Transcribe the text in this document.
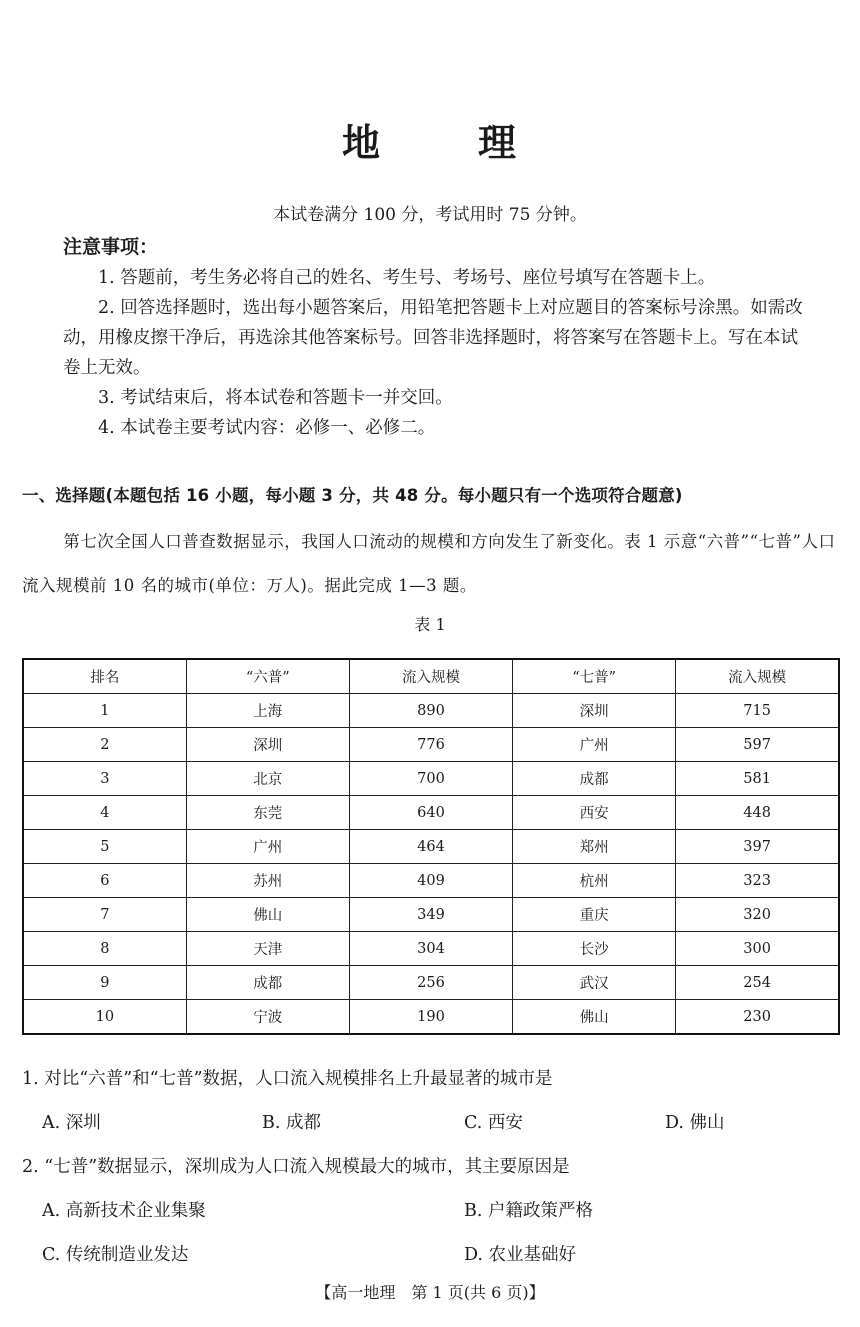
地	理
本试卷满分 100 分，考试用时 75 分钟。
注意事项：

1. 答题前，考生务必将自己的姓名、考生号、考场号、座位号填写在答题卡上。

2. 回答选择题时，选出每小题答案后，用铅笔把答题卡上对应题目的答案标号涂黑。如需改动，用橡皮擦干净后，再选涂其他答案标号。回答非选择题时，将答案写在答题卡上。写在本试卷上无效。

3. 考试结束后，将本试卷和答题卡一并交回。

4. 本试卷主要考试内容：必修一、必修二。

一、选择题(本题包括 16 小题，每小题 3 分，共 48 分。每小题只有一个选项符合题意)

第七次全国人口普查数据显示，我国人口流动的规模和方向发生了新变化。表 1 示意“六普”“七普”人口流入规模前 10 名的城市(单位：万人)。据此完成 1—3 题。

表 1
排名	“六普”	流入规模	“七普”	流入规模
1	上海	890	深圳	715
2	深圳	776	广州	597
3	北京	700	成都	581
4	东莞	640	西安	448
5	广州	464	郑州	397
6	苏州	409	杭州	323
7	佛山	349	重庆	320
8	天津	304	长沙	300
9	成都	256	武汉	254
10	宁波	190	佛山	230
1. 对比“六普”和“七普”数据，人口流入规模排名上升最显著的城市是
A. 深圳	B. 成都	C. 西安	D. 佛山
2. “七普”数据显示，深圳成为人口流入规模最大的城市，其主要原因是
A. 高新技术企业集聚	B. 户籍政策严格
C. 传统制造业发达	D. 农业基础好
【高一地理　第 1 页(共 6 页)】
